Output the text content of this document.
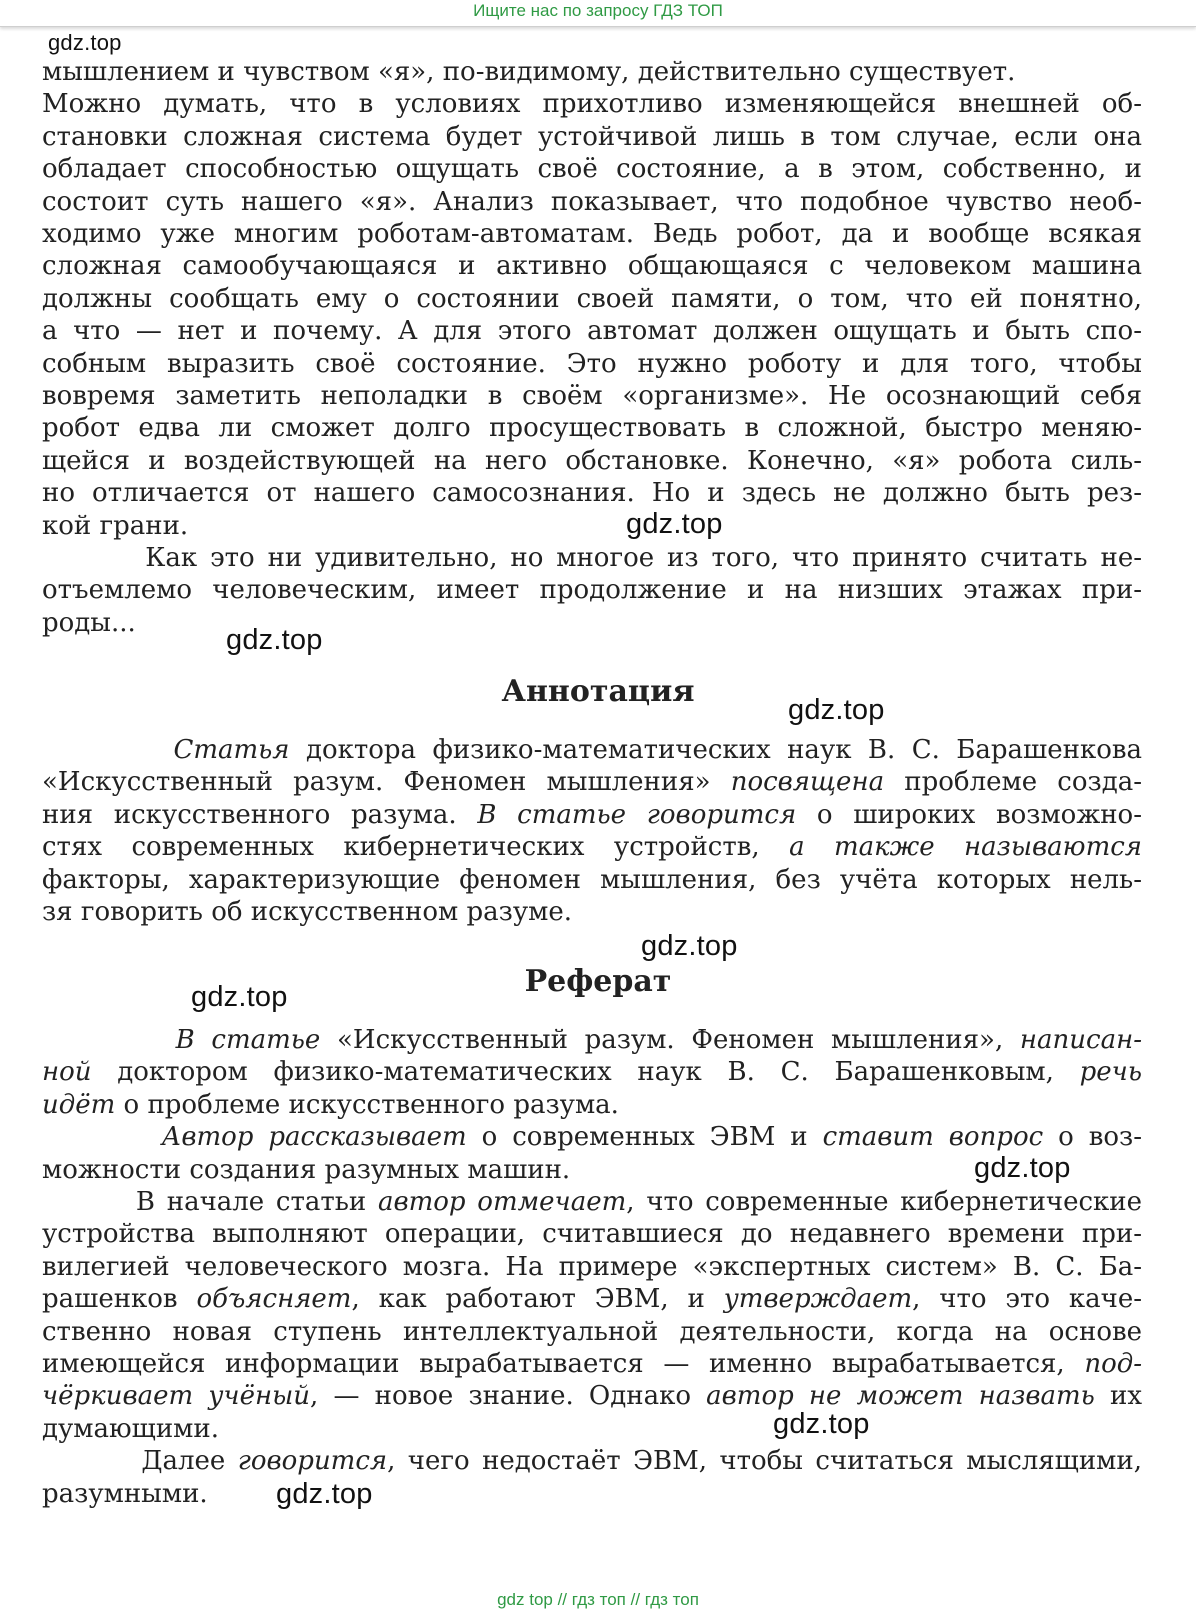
Ищите нас по запросу ГДЗ ТОП
мышлением и чувством «я», по-видимому, действительно существует.
Можно думать, что в условиях прихотливо изменяющейся внешней об-
становки сложная система будет устойчивой лишь в том случае, если она
обладает способностью ощущать своё состояние, а в этом, собственно, и
состоит суть нашего «я». Анализ показывает, что подобное чувство необ-
ходимо уже многим роботам-автоматам. Ведь робот, да и вообще всякая
сложная самообучающаяся и активно общающаяся с человеком машина
должны сообщать ему о состоянии своей памяти, о том, что ей понятно,
а что — нет и почему. А для этого автомат должен ощущать и быть спо-
собным выразить своё состояние. Это нужно роботу и для того, чтобы
вовремя заметить неполадки в своём «организме». Не осознающий себя
робот едва ли сможет долго просуществовать в сложной, быстро меняю-
щейся и воздействующей на него обстановке. Конечно, «я» робота силь-
но отличается от нашего самосознания. Но и здесь не должно быть рез-
кой грани.
Как это ни удивительно, но многое из того, что принято считать не-
отъемлемо человеческим, имеет продолжение и на низших этажах при-
роды...
Аннотация
Статья доктора физико-математических наук В. С. Барашенкова
«Искусственный разум. Феномен мышления» посвящена проблеме созда-
ния искусственного разума. В статье говорится о широких возможно-
стях современных кибернетических устройств, а также называются
факторы, характеризующие феномен мышления, без учёта которых нель-
зя говорить об искусственном разуме.
Реферат
В статье «Искусственный разум. Феномен мышления», написан-
ной доктором физико-математических наук В. С. Барашенковым, речь
идёт о проблеме искусственного разума.
Автор рассказывает о современных ЭВМ и ставит вопрос о воз-
можности создания разумных машин.
В начале статьи автор отмечает, что современные кибернетические
устройства выполняют операции, считавшиеся до недавнего времени при-
вилегией человеческого мозга. На примере «экспертных систем» В. С. Ба-
рашенков объясняет, как работают ЭВМ, и утверждает, что это каче-
ственно новая ступень интеллектуальной деятельности, когда на основе
имеющейся информации вырабатывается — именно вырабатывается, под-
чёркивает учёный, — новое знание. Однако автор не может назвать их
думающими.
Далее говорится, чего недостаёт ЭВМ, чтобы считаться мыслящими,
разумными.
gdz.top
gdz.top
gdz.top
gdz.top
gdz.top
gdz.top
gdz.top
gdz.top
gdz.top
gdz top // гдз топ // гдз топ
